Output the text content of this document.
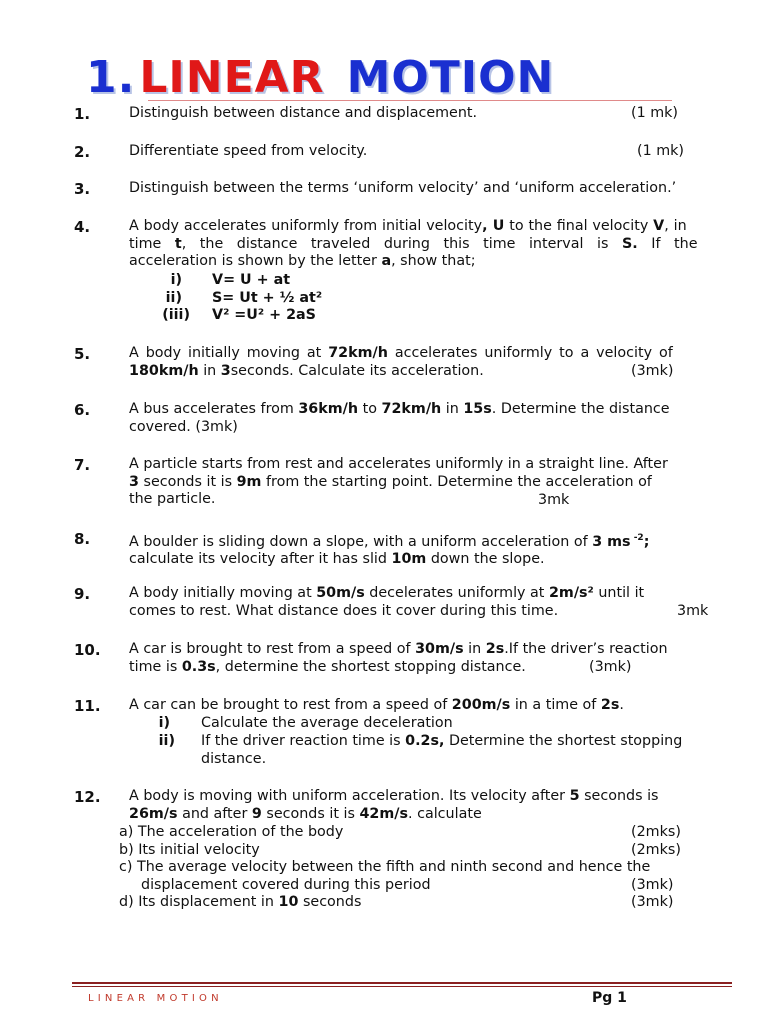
1.LINEAR MOTION
1.	Distinguish between distance and displacement.	(1 mk)
2.	Differentiate speed from velocity.	(1 mk)
3.	Distinguish between the terms ‘uniform velocity’ and ‘uniform acceleration.’
4.	A body accelerates uniformly from initial velocity, U to the final velocity V, in
time t, the distance traveled during this time interval is S. If the
acceleration is shown by the letter a, show that;
i) V= U + at
ii) S= Ut + ½ at²
(iii) V² =U² + 2aS
5.	A body initially moving at 72km/h accelerates uniformly to a velocity of
180km/h in 3seconds. Calculate its acceleration.	(3mk)
6.	A bus accelerates from 36km/h to 72km/h in 15s. Determine the distance
covered. (3mk)
7.	A particle starts from rest and accelerates uniformly in a straight line. After
3 seconds it is 9m from the starting point. Determine the acceleration of
the particle.	3mk
8.	A boulder is sliding down a slope, with a uniform acceleration of 3 ms $^{-2}$;
calculate its velocity after it has slid 10m down the slope.
9.	A body initially moving at 50m/s decelerates uniformly at 2m/s² until it
comes to rest. What distance does it cover during this time.	3mk
10.	A car is brought to rest from a speed of 30m/s in 2s.If the driver’s reaction
time is 0.3s, determine the shortest stopping distance.	(3mk)
11.	A car can be brought to rest from a speed of 200m/s in a time of 2s.
i) Calculate the average deceleration
ii) If the driver reaction time is 0.2s, Determine the shortest stopping
distance.
12.	A body is moving with uniform acceleration. Its velocity after 5 seconds is
26m/s and after 9 seconds it is 42m/s. calculate
a) The acceleration of the body	(2mks)
b) Its initial velocity	(2mks)
c) The average velocity between the fifth and ninth second and hence the
displacement covered during this period	(3mk)
d) Its displacement in 10 seconds	(3mk)
LINEAR MOTION	Pg 1
